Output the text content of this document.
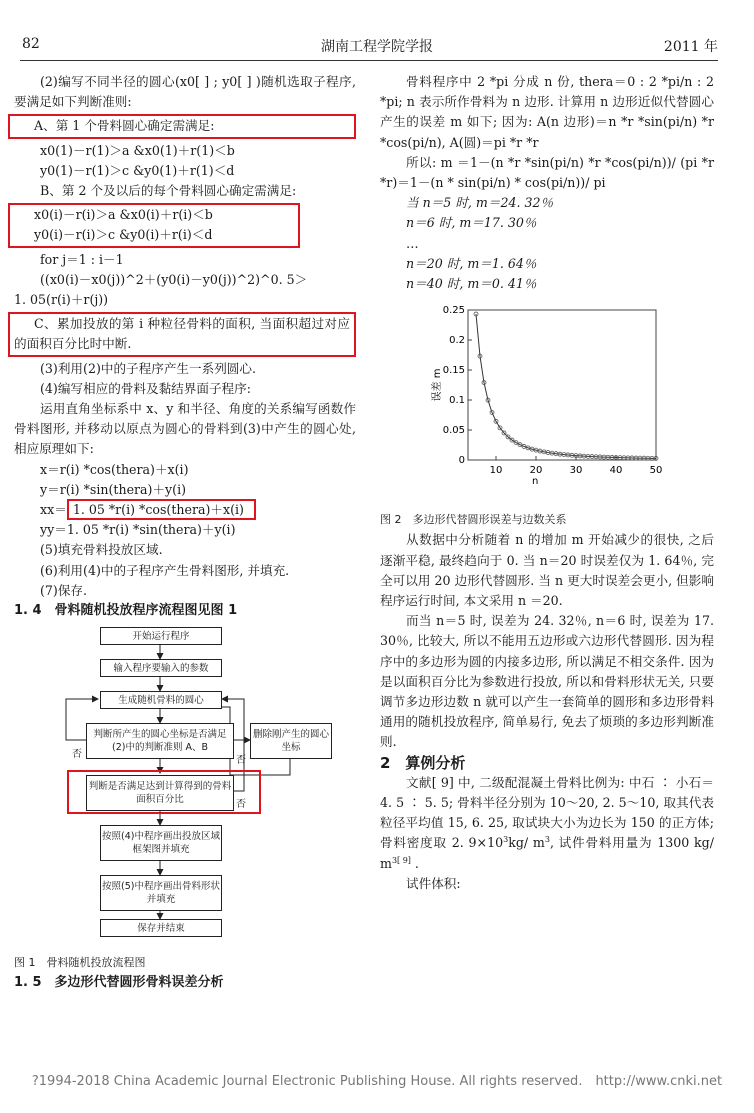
82	湖南工程学院学报	2011 年

(2)编写不同半径的圆心(x0[ ] ; y0[ ] )随机选取子程序, 要满足如下判断准则:

A、第 1 个骨料圆心确定需满足:

x0(1)－r(1)＞a &x0(1)＋r(1)＜b

y0(1)－r(1)＞c &y0(1)＋r(1)＜d

B、第 2 个及以后的每个骨料圆心确定需满足:

x0(i)－r(i)＞a &x0(i)＋r(i)＜b

y0(i)－r(i)＞c &y0(i)＋r(i)＜d

for j＝1 : i－1

((x0(i)－x0(j))^2＋(y0(i)－y0(j))^2)^0. 5＞

1. 05(r(i)＋r(j))

C、累加投放的第 i 种粒径骨料的面积, 当面积超过对应的面积百分比时中断.

(3)利用(2)中的子程序产生一系列圆心.

(4)编写相应的骨料及黏结界面子程序:

运用直角坐标系中 x、y 和半径、角度的关系编写函数作骨料图形, 并移动以原点为圆心的骨料到(3)中产生的圆心处, 相应原理如下:

x＝r(i) *cos(thera)＋x(i)

y＝r(i) *sin(thera)＋y(i)

xx＝ 1. 05 *r(i) *cos(thera)＋x(i)

yy＝1. 05 *r(i) *sin(thera)＋y(i)

(5)填充骨料投放区域.

(6)利用(4)中的子程序产生骨料图形, 并填充.

(7)保存.

1. 4　骨料随机投放程序流程图见图 1

开始运行程序
输入程序要输入的参数
生成随机骨料的圆心
判断所产生的圆心坐标是否满足(2)中的判断准则 A、B
删除刚产生的圆心坐标
判断是否满足达到计算得到的骨料面积百分比
按照(4)中程序画出投放区域框架图并填充
按照(5)中程序画出骨料形状并填充
保存并结束
否
否
否

图 1　骨料随机投放流程图

1. 5　多边形代替圆形骨料误差分析

骨料程序中 2 *pi 分成 n 份, thera＝0 : 2 *pi/n : 2 *pi; n 表示所作骨料为 n 边形. 计算用 n 边形近似代替圆心产生的误差 m 如下; 因为: A(n 边形)＝n *r *sin(pi/n) *r *cos(pi/n), A(圆)＝pi *r *r

所以: m ＝1－(n *r *sin(pi/n) *r *cos(pi/n))/ (pi *r *r)＝1－(n * sin(pi/n) * cos(pi/n))/ pi

当 n＝5 时, m＝24. 32％

n＝6 时, m＝17. 30％

…

n＝20 时, m＝1. 64％

n＝40 时, m＝0. 41％

10	20	30	40	50
0
0.05
0.1
0.15
0.2
0.25
n
误差 m

图 2　多边形代替圆形误差与边数关系

从数据中分析随着 n 的增加 m 开始减少的很快, 之后逐渐平稳, 最终趋向于 0. 当 n＝20 时误差仅为 1. 64％, 完全可以用 20 边形代替圆形. 当 n 更大时误差会更小, 但影响程序运行时间, 本文采用 n ＝20.

而当 n＝5 时, 误差为 24. 32％, n＝6 时, 误差为 17. 30％, 比较大, 所以不能用五边形或六边形代替圆形. 因为程序中的多边形为圆的内接多边形, 所以满足不相交条件. 因为是以面积百分比为参数进行投放, 所以和骨料形状无关, 只要调节多边形边数 n 就可以产生一套简单的圆形和多边形骨料通用的随机投放程序, 简单易行, 免去了烦琐的多边形判断准则.

2　算例分析

文献[ 9] 中, 二级配混凝土骨料比例为: 中石 ∶ 小石＝4. 5 ∶ 5. 5; 骨料半径分别为 10～20, 2. 5～10, 取其代表粒径平均值 15, 6. 25, 取试块大小为边长为 150 的正方体; 骨料密度取 2. $9\times 10^3kg/$ $m^3$, 试件骨料用量为 1300 kg/ $m^{3[ 9]}$ .

试件体积:

?1994-2018 China Academic Journal Electronic Publishing House. All rights reserved.　http://www.cnki.net
